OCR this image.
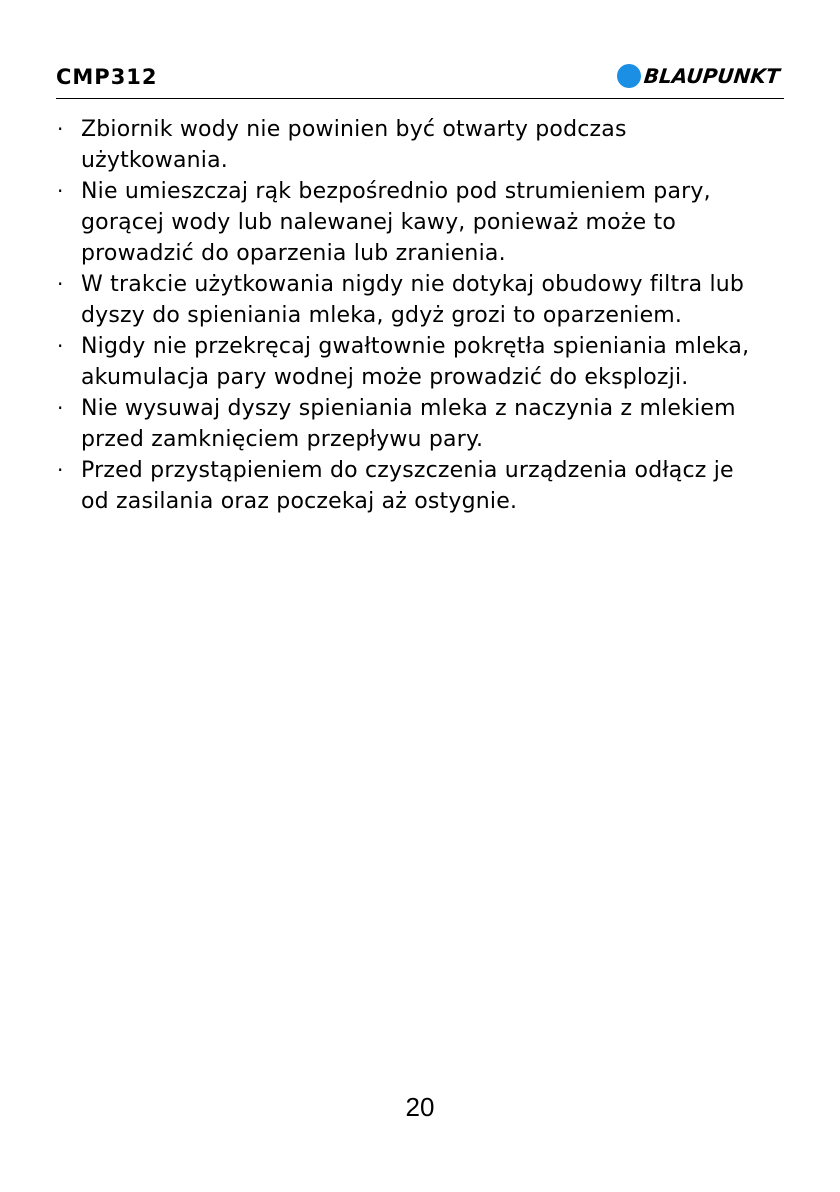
CMP312	BLAUPUNKT
· Zbiornik wody nie powinien być otwarty podczas
użytkowania.
· Nie umieszczaj rąk bezpośrednio pod strumieniem pary,
gorącej wody lub nalewanej kawy, ponieważ może to
prowadzić do oparzenia lub zranienia.
· W trakcie użytkowania nigdy nie dotykaj obudowy filtra lub
dyszy do spieniania mleka, gdyż grozi to oparzeniem.
· Nigdy nie przekręcaj gwałtownie pokrętła spieniania mleka,
akumulacja pary wodnej może prowadzić do eksplozji.
· Nie wysuwaj dyszy spieniania mleka z naczynia z mlekiem
przed zamknięciem przepływu pary.
· Przed przystąpieniem do czyszczenia urządzenia odłącz je
od zasilania oraz poczekaj aż ostygnie.
20
